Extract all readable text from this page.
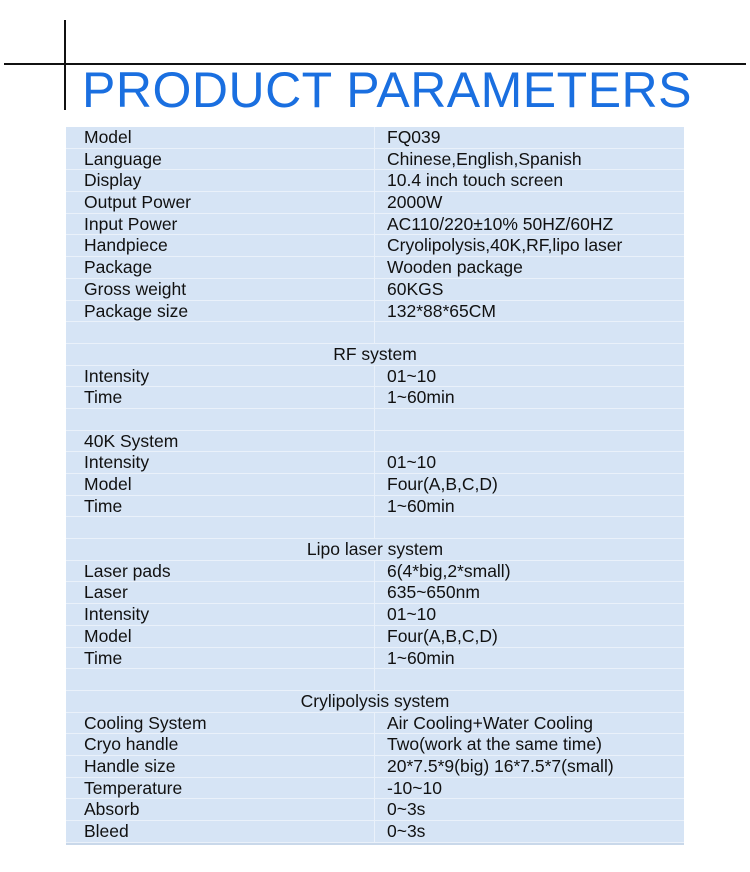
PRODUCT PARAMETERS
Model	FQ039
Language	Chinese,English,Spanish
Display	10.4 inch touch screen
Output Power	2000W
Input Power	AC110/220±10% 50HZ/60HZ
Handpiece	Cryolipolysis,40K,RF,lipo laser
Package	Wooden package
Gross weight	60KGS
Package size	132*88*65CM
RF system
Intensity	01~10
Time	1~60min
40K System
Intensity	01~10
Model	Four(A,B,C,D)
Time	1~60min
Lipo laser system
Laser pads	6(4*big,2*small)
Laser	635~650nm
Intensity	01~10
Model	Four(A,B,C,D)
Time	1~60min
Crylipolysis system
Cooling System	Air Cooling+Water Cooling
Cryo handle	Two(work at the same time)
Handle size	20*7.5*9(big) 16*7.5*7(small)
Temperature	-10~10
Absorb	0~3s
Bleed	0~3s
